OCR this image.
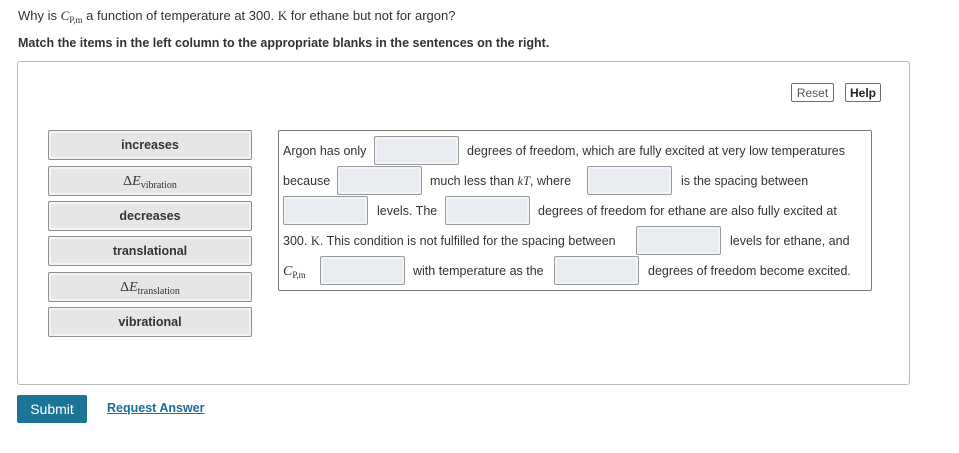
Why is $C_{P,m}$ a function of temperature at 300. K for ethane but not for argon?
Match the items in the left column to the appropriate blanks in the sentences on the right.
Reset	Help
increases
$\Delta E_{vibration}$
decreases
translational
$\Delta E_{translation}$
vibrational
Argon has only	degrees of freedom, which are fully excited at very low temperatures
because	much less than kT, where	is the spacing between
levels. The	degrees of freedom for ethane are also fully excited at
300. K. This condition is not fulfilled for the spacing between	levels for ethane, and
$C_{P,m}$	with temperature as the	degrees of freedom become excited.
Submit	Request Answer
